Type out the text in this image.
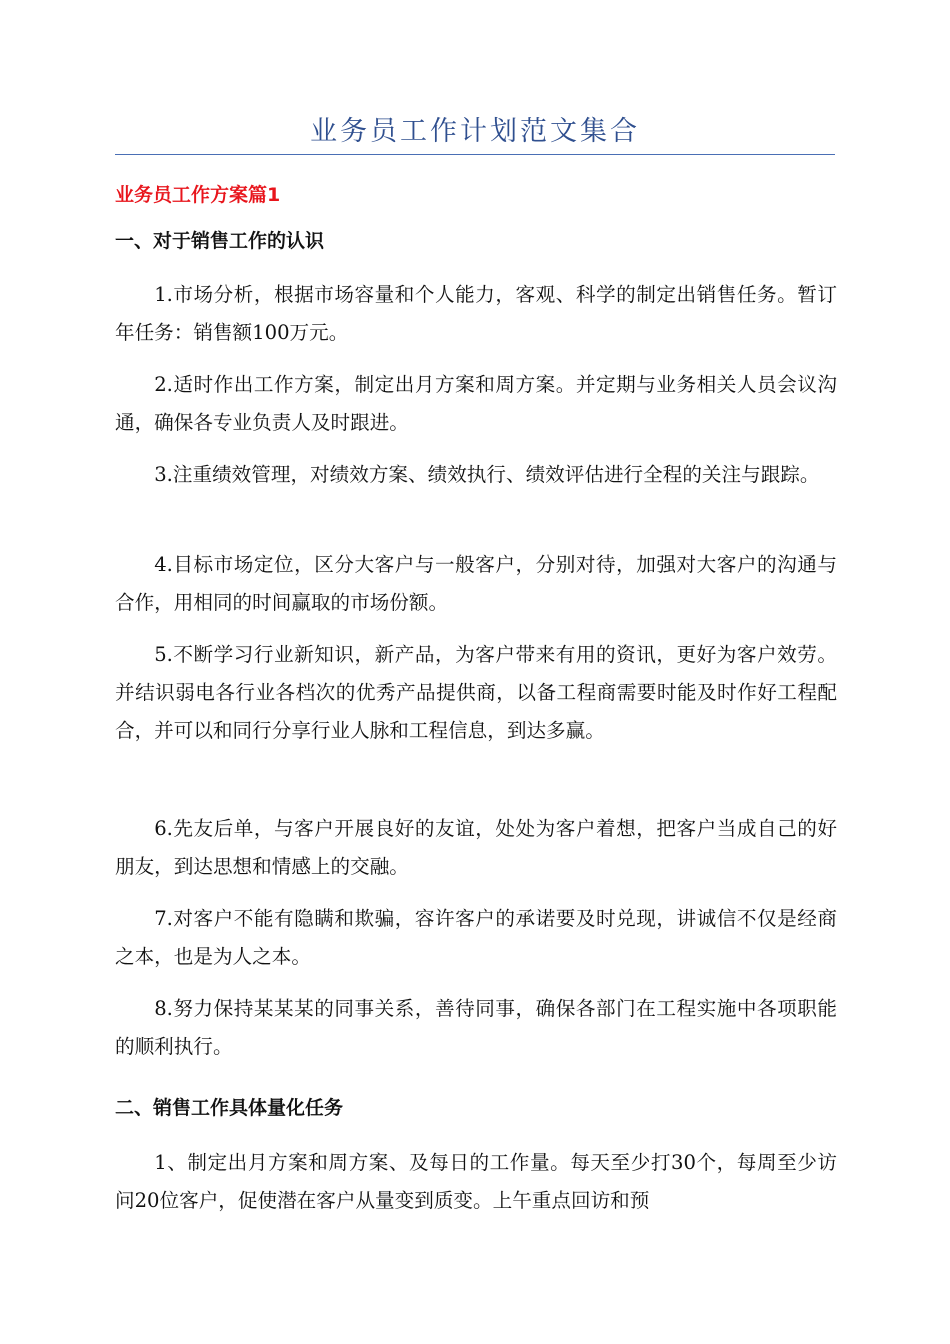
业务员工作计划范文集合
业务员工作方案篇1
一、对于销售工作的认识

1.市场分析，根据市场容量和个人能力，客观、科学的制定出销售任务。暂订年任务：销售额100万元。

2.适时作出工作方案，制定出月方案和周方案。并定期与业务相关人员会议沟通，确保各专业负责人及时跟进。

3.注重绩效管理，对绩效方案、绩效执行、绩效评估进行全程的关注与跟踪。

4.目标市场定位，区分大客户与一般客户，分别对待，加强对大客户的沟通与合作，用相同的时间赢取的市场份额。

5.不断学习行业新知识，新产品，为客户带来有用的资讯，更好为客户效劳。并结识弱电各行业各档次的优秀产品提供商，以备工程商需要时能及时作好工程配合，并可以和同行分享行业人脉和工程信息，到达多赢。

6.先友后单，与客户开展良好的友谊，处处为客户着想，把客户当成自己的好朋友，到达思想和情感上的交融。

7.对客户不能有隐瞒和欺骗，容许客户的承诺要及时兑现，讲诚信不仅是经商之本，也是为人之本。

8.努力保持某某某的同事关系，善待同事，确保各部门在工程实施中各项职能的顺利执行。

二、销售工作具体量化任务

1、制定出月方案和周方案、及每日的工作量。每天至少打30个，每周至少访问20位客户，促使潜在客户从量变到质变。上午重点回访和预
